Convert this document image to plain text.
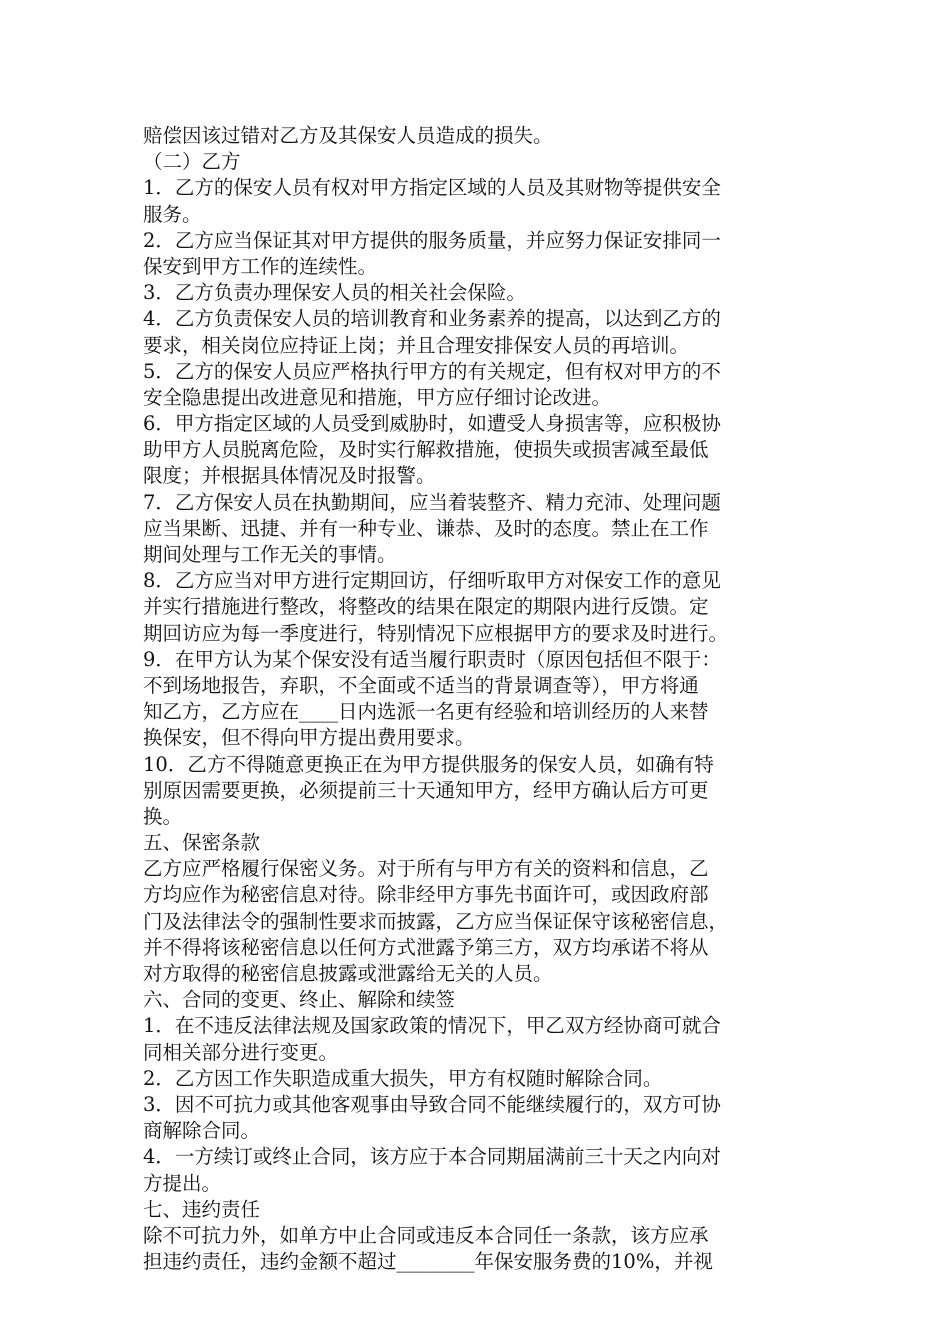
赔偿因该过错对乙方及其保安人员造成的损失。
（二）乙方
1．乙方的保安人员有权对甲方指定区域的人员及其财物等提供安全
服务。
2．乙方应当保证其对甲方提供的服务质量，并应努力保证安排同一
保安到甲方工作的连续性。
3．乙方负责办理保安人员的相关社会保险。
4．乙方负责保安人员的培训教育和业务素养的提高，以达到乙方的
要求，相关岗位应持证上岗；并且合理安排保安人员的再培训。
5．乙方的保安人员应严格执行甲方的有关规定，但有权对甲方的不
安全隐患提出改进意见和措施，甲方应仔细讨论改进。
6．甲方指定区域的人员受到威胁时，如遭受人身损害等，应积极协
助甲方人员脱离危险，及时实行解救措施，使损失或损害减至最低
限度；并根据具体情况及时报警。
7．乙方保安人员在执勤期间，应当着装整齐、精力充沛、处理问题
应当果断、迅捷、并有一种专业、谦恭、及时的态度。禁止在工作
期间处理与工作无关的事情。
8．乙方应当对甲方进行定期回访，仔细听取甲方对保安工作的意见
并实行措施进行整改，将整改的结果在限定的期限内进行反馈。定
期回访应为每一季度进行，特别情况下应根据甲方的要求及时进行。
9．在甲方认为某个保安没有适当履行职责时（原因包括但不限于：
不到场地报告，弃职，不全面或不适当的背景调查等），甲方将通
知乙方，乙方应在____日内选派一名更有经验和培训经历的人来替
换保安，但不得向甲方提出费用要求。
10．乙方不得随意更换正在为甲方提供服务的保安人员，如确有特
别原因需要更换，必须提前三十天通知甲方，经甲方确认后方可更
换。
五、保密条款
乙方应严格履行保密义务。对于所有与甲方有关的资料和信息，乙
方均应作为秘密信息对待。除非经甲方事先书面许可，或因政府部
门及法律法令的强制性要求而披露，乙方应当保证保守该秘密信息，
并不得将该秘密信息以任何方式泄露予第三方，双方均承诺不将从
对方取得的秘密信息披露或泄露给无关的人员。
六、合同的变更、终止、解除和续签
1．在不违反法律法规及国家政策的情况下，甲乙双方经协商可就合
同相关部分进行变更。
2．乙方因工作失职造成重大损失，甲方有权随时解除合同。
3．因不可抗力或其他客观事由导致合同不能继续履行的，双方可协
商解除合同。
4．一方续订或终止合同，该方应于本合同期届满前三十天之内向对
方提出。
七、违约责任
除不可抗力外，如单方中止合同或违反本合同任一条款，该方应承
担违约责任，违约金额不超过________年保安服务费的10%，并视
